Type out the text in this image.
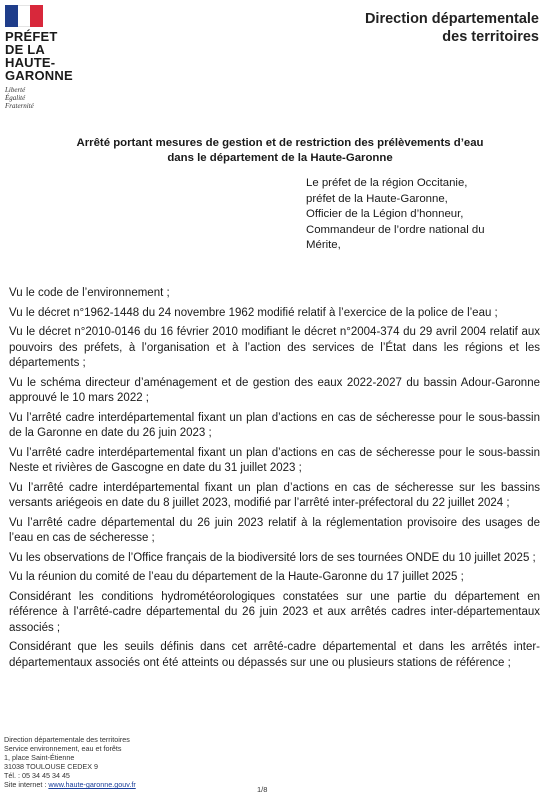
PRÉFET
DE LA HAUTE-
GARONNE
Liberté
Égalité
Fraternité
Direction départementale
des territoires
Arrêté portant mesures de gestion et de restriction des prélèvements d’eau
dans le département de la Haute-Garonne
Le préfet de la région Occitanie,
préfet de la Haute-Garonne,
Officier de la Légion d’honneur,
Commandeur de l’ordre national du
Mérite,
Vu le code de l’environnement ;
Vu le décret n°1962-1448 du 24 novembre 1962 modifié relatif à l’exercice de la police de l’eau ;
Vu le décret n°2010-0146 du 16 février 2010 modifiant le décret n°2004-374 du 29 avril 2004 relatif aux pouvoirs des préfets, à l’organisation et à l’action des services de l’État dans les régions et les départements ;
Vu le schéma directeur d’aménagement et de gestion des eaux 2022-2027 du bassin Adour-Garonne approuvé le 10 mars 2022 ;
Vu l’arrêté cadre interdépartemental fixant un plan d’actions en cas de sécheresse pour le sous-bassin de la Garonne en date du 26 juin 2023 ;
Vu l’arrêté cadre interdépartemental fixant un plan d’actions en cas de sécheresse pour le sous-bassin Neste et rivières de Gascogne en date du 31 juillet 2023 ;
Vu l’arrêté cadre interdépartemental fixant un plan d’actions en cas de sécheresse sur les bassins versants ariégeois en date du 8 juillet 2023, modifié par l’arrêté inter-préfectoral du 22 juillet 2024 ;
Vu l’arrêté cadre départemental du 26 juin 2023 relatif à la réglementation provisoire des usages de l’eau en cas de sécheresse ;
Vu les observations de l’Office français de la biodiversité lors de ses tournées ONDE du 10 juillet 2025 ;
Vu la réunion du comité de l’eau du département de la Haute-Garonne du 17 juillet 2025 ;
Considérant les conditions hydrométéorologiques constatées sur une partie du département en référence à l’arrêté-cadre départemental du 26 juin 2023 et aux arrêtés cadres inter-départementaux associés ;
Considérant que les seuils définis dans cet arrêté-cadre départemental et dans les arrêtés inter-départementaux associés ont été atteints ou dépassés sur une ou plusieurs stations de référence ;
Direction départementale des territoires
Service environnement, eau et forêts
1, place Saint-Étienne
31038 TOULOUSE CEDEX 9
Tél. : 05 34 45 34 45
Site internet : www.haute-garonne.gouv.fr
1/8
